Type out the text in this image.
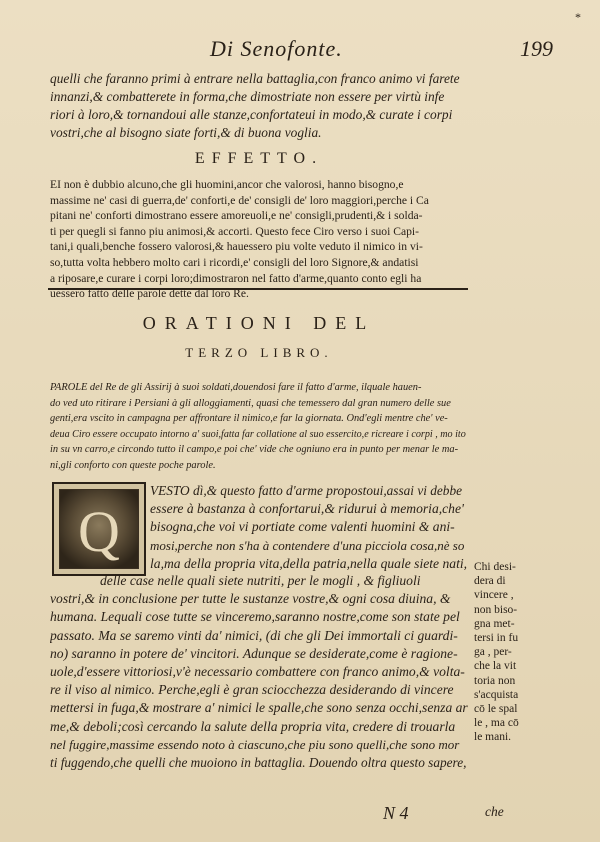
*
Di Senofonte.	199
quelli che faranno primi à entrare nella battaglia,con franco animo vi farete
innanzi,& combatterete in forma,che dimostriate non essere per virtù infe
riori à loro,& tornandoui alle stanze,confortateui in modo,& curate i corpi
vostri,che al bisogno siate forti,& di buona voglia.
EFFETTO.
EI non è dubbio alcuno,che gli huomini,ancor che valorosi, hanno bisogno,e
massime ne' casi di guerra,de' conforti,e de' consigli de' loro maggiori,perche i Ca
pitani ne' conforti dimostrano essere amoreuoli,e ne' consigli,prudenti,& i solda-
ti per quegli si fanno piu animosi,& accorti. Questo fece Ciro verso i suoi Capi-
tani,i quali,benche fossero valorosi,& hauessero piu volte veduto il nimico in vi-
so,tutta volta hebbero molto cari i ricordi,e' consigli del loro Signore,& andatisi
a riposare,e curare i corpi loro;dimostraron nel fatto d'arme,quanto conto egli ha
uessero fatto delle parole dette dal loro Re.
ORATIONI DEL
TERZO LIBRO.
PAROLE del Re de gli Assirij à suoi soldati,douendosi fare il fatto d'arme, ilquale hauen-
do ved uto ritirare i Persiani à gli alloggiamenti, quasi che temessero dal gran numero delle sue
genti,era vscito in campagna per affrontare il nimico,e far la giornata. Ond'egli mentre che' ve-
deua Ciro essere occupato intorno a' suoi,fatta far collatione al suo essercito,e ricreare i corpi , mo ito
in su vn carro,e circondo tutto il campo,e poi che' vide che ogniuno era in punto per menar le ma-
ni,gli conforto con queste poche parole.
Q
VESTO dì,& questo fatto d'arme propostoui,assai vi debbe
essere à bastanza à confortarui,& ridurui à memoria,che'
bisogna,che voi vi portiate come valenti huomini & ani-
mosi,perche non s'ha à contendere d'una picciola cosa,nè so
la,ma della propria vita,della patria,nella quale siete nati,
delle case nelle quali siete nutriti, per le mogli , & figliuoli
vostri,& in conclusione per tutte le sustanze vostre,& ogni cosa diuina, &
humana. Lequali cose tutte se vinceremo,saranno nostre,come son state pel
passato. Ma se saremo vinti da' nimici, (di che gli Dei immortali ci guardi-
no) saranno in potere de' vincitori. Adunque se desiderate,come è ragione-
uole,d'essere vittoriosi,v'è necessario combattere con franco animo,& volta-
re il viso al nimico. Perche,egli è gran sciocchezza desiderando di vincere
mettersi in fuga,& mostrare a' nimici le spalle,che sono senza occhi,senza ar
me,& deboli;così cercando la salute della propria vita, credere di trouarla
nel fuggire,massime essendo noto à ciascuno,che piu sono quelli,che sono mor
ti fuggendo,che quelli che muoiono in battaglia. Douendo oltra questo sapere,
Chi desi-
dera di
vincere ,
non biso-
gna met-
tersi in fu
ga , per-
che la vit
toria non
s'acquista
cō le spal
le , ma cō
le mani.
N 4	che
